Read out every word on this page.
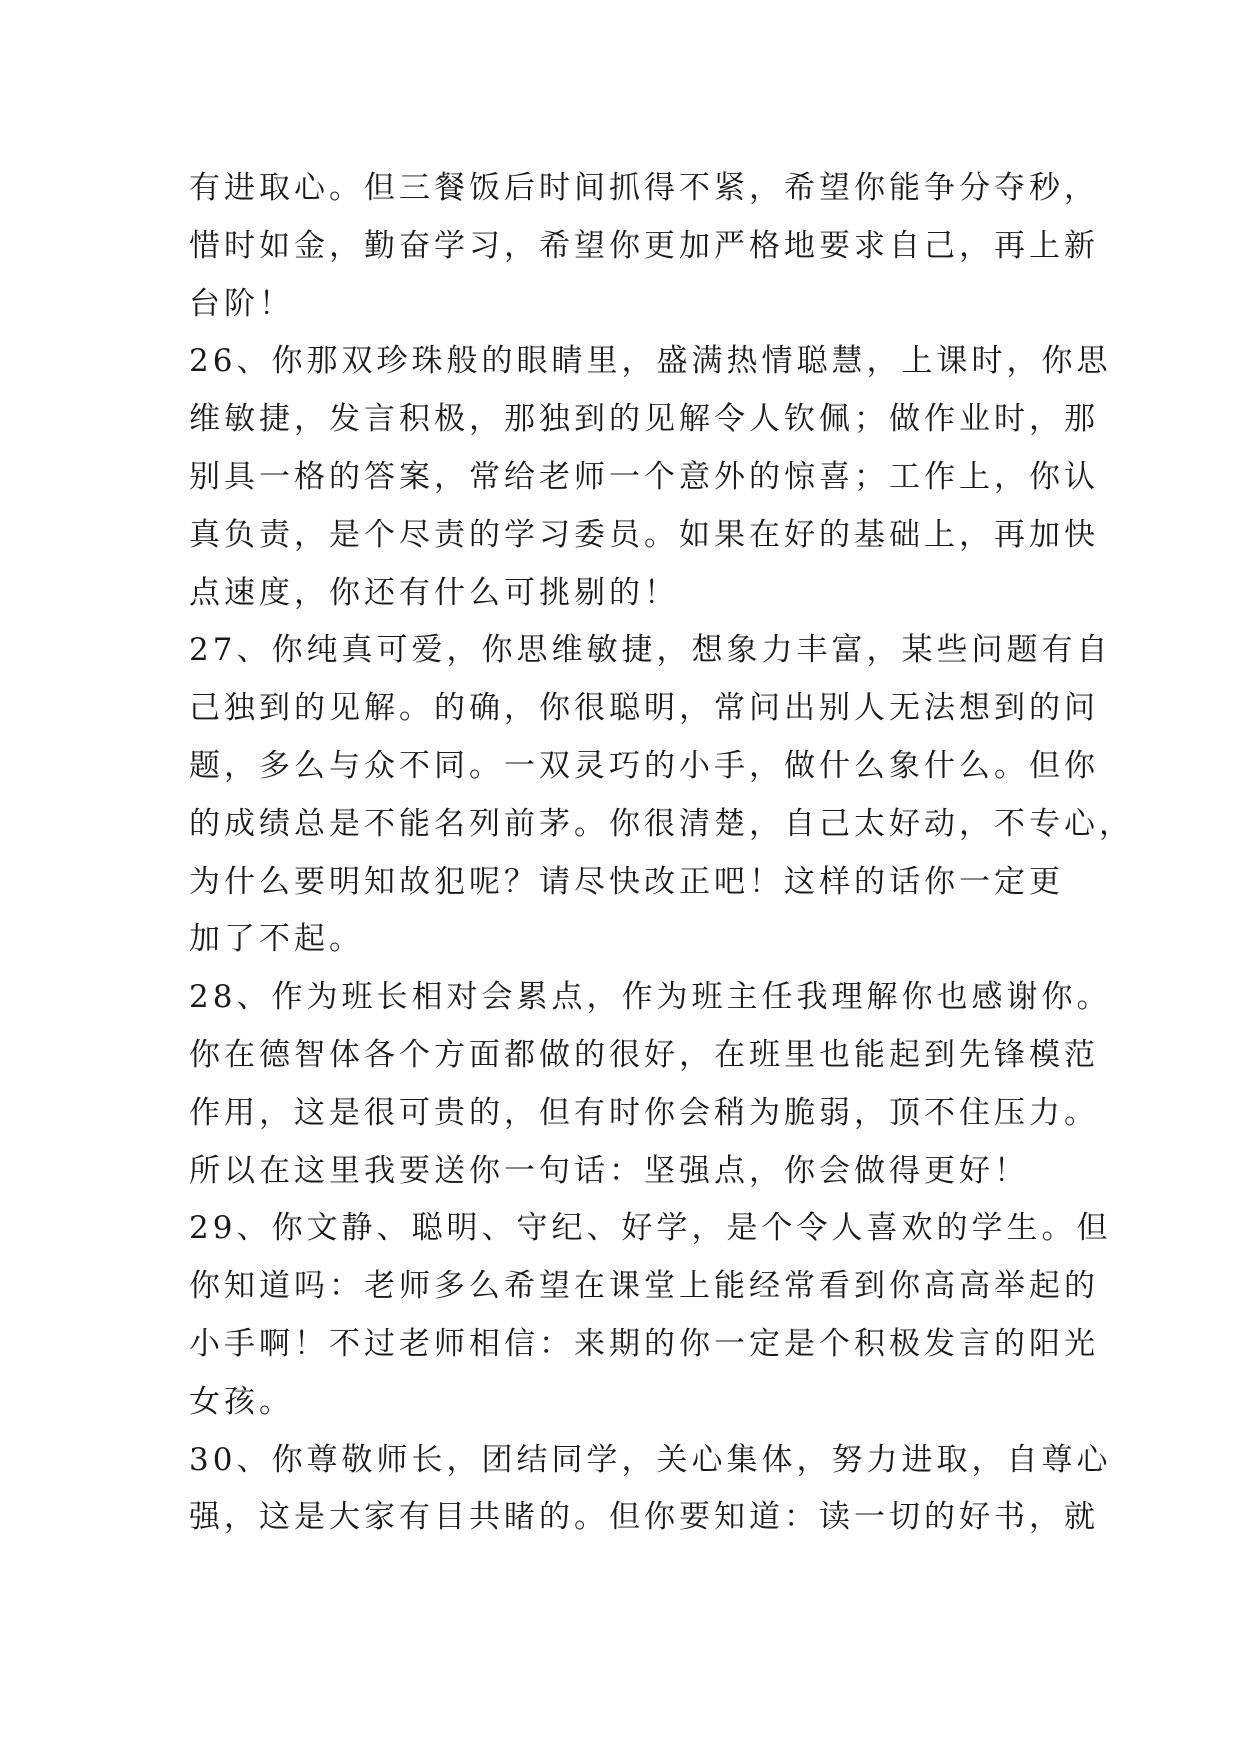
有进取心。但三餐饭后时间抓得不紧，希望你能争分夺秒，
惜时如金，勤奋学习，希望你更加严格地要求自己，再上新
台阶！
26、你那双珍珠般的眼睛里，盛满热情聪慧，上课时，你思
维敏捷，发言积极，那独到的见解令人钦佩；做作业时，那
别具一格的答案，常给老师一个意外的惊喜；工作上，你认
真负责，是个尽责的学习委员。如果在好的基础上，再加快
点速度，你还有什么可挑剔的！
27、你纯真可爱，你思维敏捷，想象力丰富，某些问题有自
己独到的见解。的确，你很聪明，常问出别人无法想到的问
题，多么与众不同。一双灵巧的小手，做什么象什么。但你
的成绩总是不能名列前茅。你很清楚，自己太好动，不专心，
为什么要明知故犯呢？请尽快改正吧！这样的话你一定更
加了不起。
28、作为班长相对会累点，作为班主任我理解你也感谢你。
你在德智体各个方面都做的很好，在班里也能起到先锋模范
作用，这是很可贵的，但有时你会稍为脆弱，顶不住压力。
所以在这里我要送你一句话：坚强点，你会做得更好！
29、你文静、聪明、守纪、好学，是个令人喜欢的学生。但
你知道吗：老师多么希望在课堂上能经常看到你高高举起的
小手啊！不过老师相信：来期的你一定是个积极发言的阳光
女孩。
30、你尊敬师长，团结同学，关心集体，努力进取，自尊心
强，这是大家有目共睹的。但你要知道：读一切的好书，就
